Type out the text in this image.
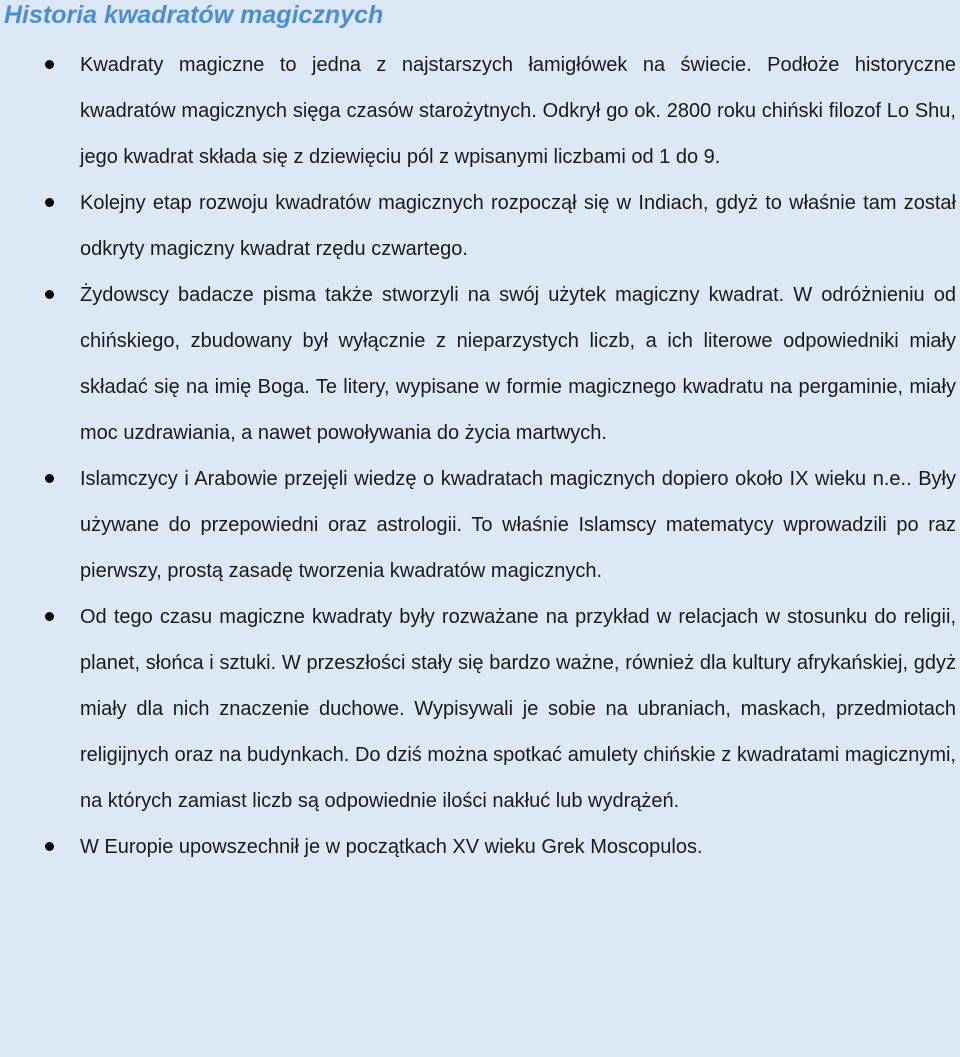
Historia kwadratów magicznych
Kwadraty magiczne to jedna z najstarszych łamigłówek na świecie. Podłoże historyczne kwadratów magicznych sięga czasów starożytnych. Odkrył go ok. 2800 roku chiński filozof Lo Shu, jego kwadrat składa się z dziewięciu pól z wpisanymi liczbami od 1 do 9.
Kolejny etap rozwoju kwadratów magicznych rozpoczął się w Indiach, gdyż to właśnie tam został odkryty magiczny kwadrat rzędu czwartego.
Żydowscy badacze pisma także stworzyli na swój użytek magiczny kwadrat. W odróżnieniu od chińskiego, zbudowany był wyłącznie z nieparzystych liczb, a ich literowe odpowiedniki miały składać się na imię Boga. Te litery, wypisane w formie magicznego kwadratu na pergaminie, miały moc uzdrawiania, a nawet powoływania do życia martwych.
Islamczycy i Arabowie przejęli wiedzę o kwadratach magicznych dopiero około IX wieku n.e.. Były używane do przepowiedni oraz astrologii. To właśnie Islamscy matematycy wprowadzili po raz pierwszy, prostą zasadę tworzenia kwadratów magicznych.
Od tego czasu magiczne kwadraty były rozważane na przykład w relacjach w stosunku do religii, planet, słońca i sztuki. W przeszłości stały się bardzo ważne, również dla kultury afrykańskiej, gdyż miały dla nich znaczenie duchowe. Wypisywali je sobie na ubraniach, maskach, przedmiotach religijnych oraz na budynkach. Do dziś można spotkać amulety chińskie z kwadratami magicznymi, na których zamiast liczb są odpowiednie ilości nakłuć lub wydrążeń.
W Europie upowszechnił je w początkach XV wieku Grek Moscopulos.
